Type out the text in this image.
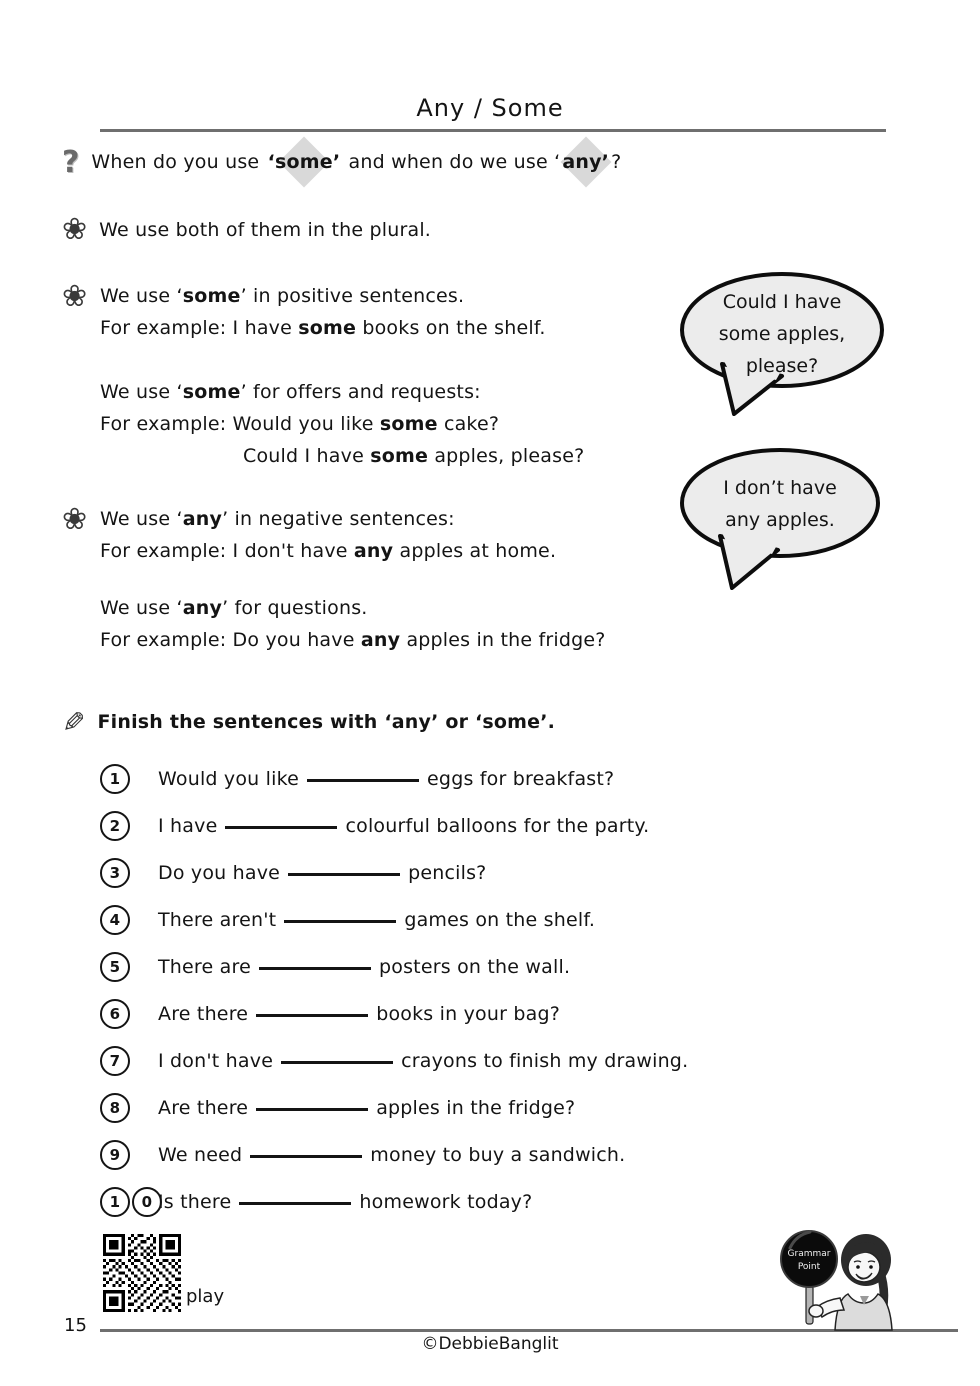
Any / Some
? When do you use ‘some’ and when do we use ‘ any’ ?
❀ We use both of them in the plural.
❀ We use ‘some’ in positive sentences.
For example: I have some books on the shelf.
We use ‘some’ for offers and requests:
For example: Would you like some cake?
Could I have some apples, please?
❀ We use ‘any’ in negative sentences:
For example: I don't have any apples at home.
We use ‘any’ for questions.
For example: Do you have any apples in the fridge?
Could I have
some apples,
please?
I don’t have
any apples.
✎ Finish the sentences with ‘any’ or ‘some’.
1	Would you like	eggs for breakfast?
2	I have	colourful balloons for the party.
3	Do you have	pencils?
4	There aren't	games on the shelf.
5	There are	posters on the wall.
6	Are there	books in your bag?
7	I don't have	crayons to finish my drawing.
8	Are there	apples in the fridge?
9	We need	money to buy a sandwich.
1	0 Is there	homework today?
play
15
©DebbieBanglit
Grammar
Point
